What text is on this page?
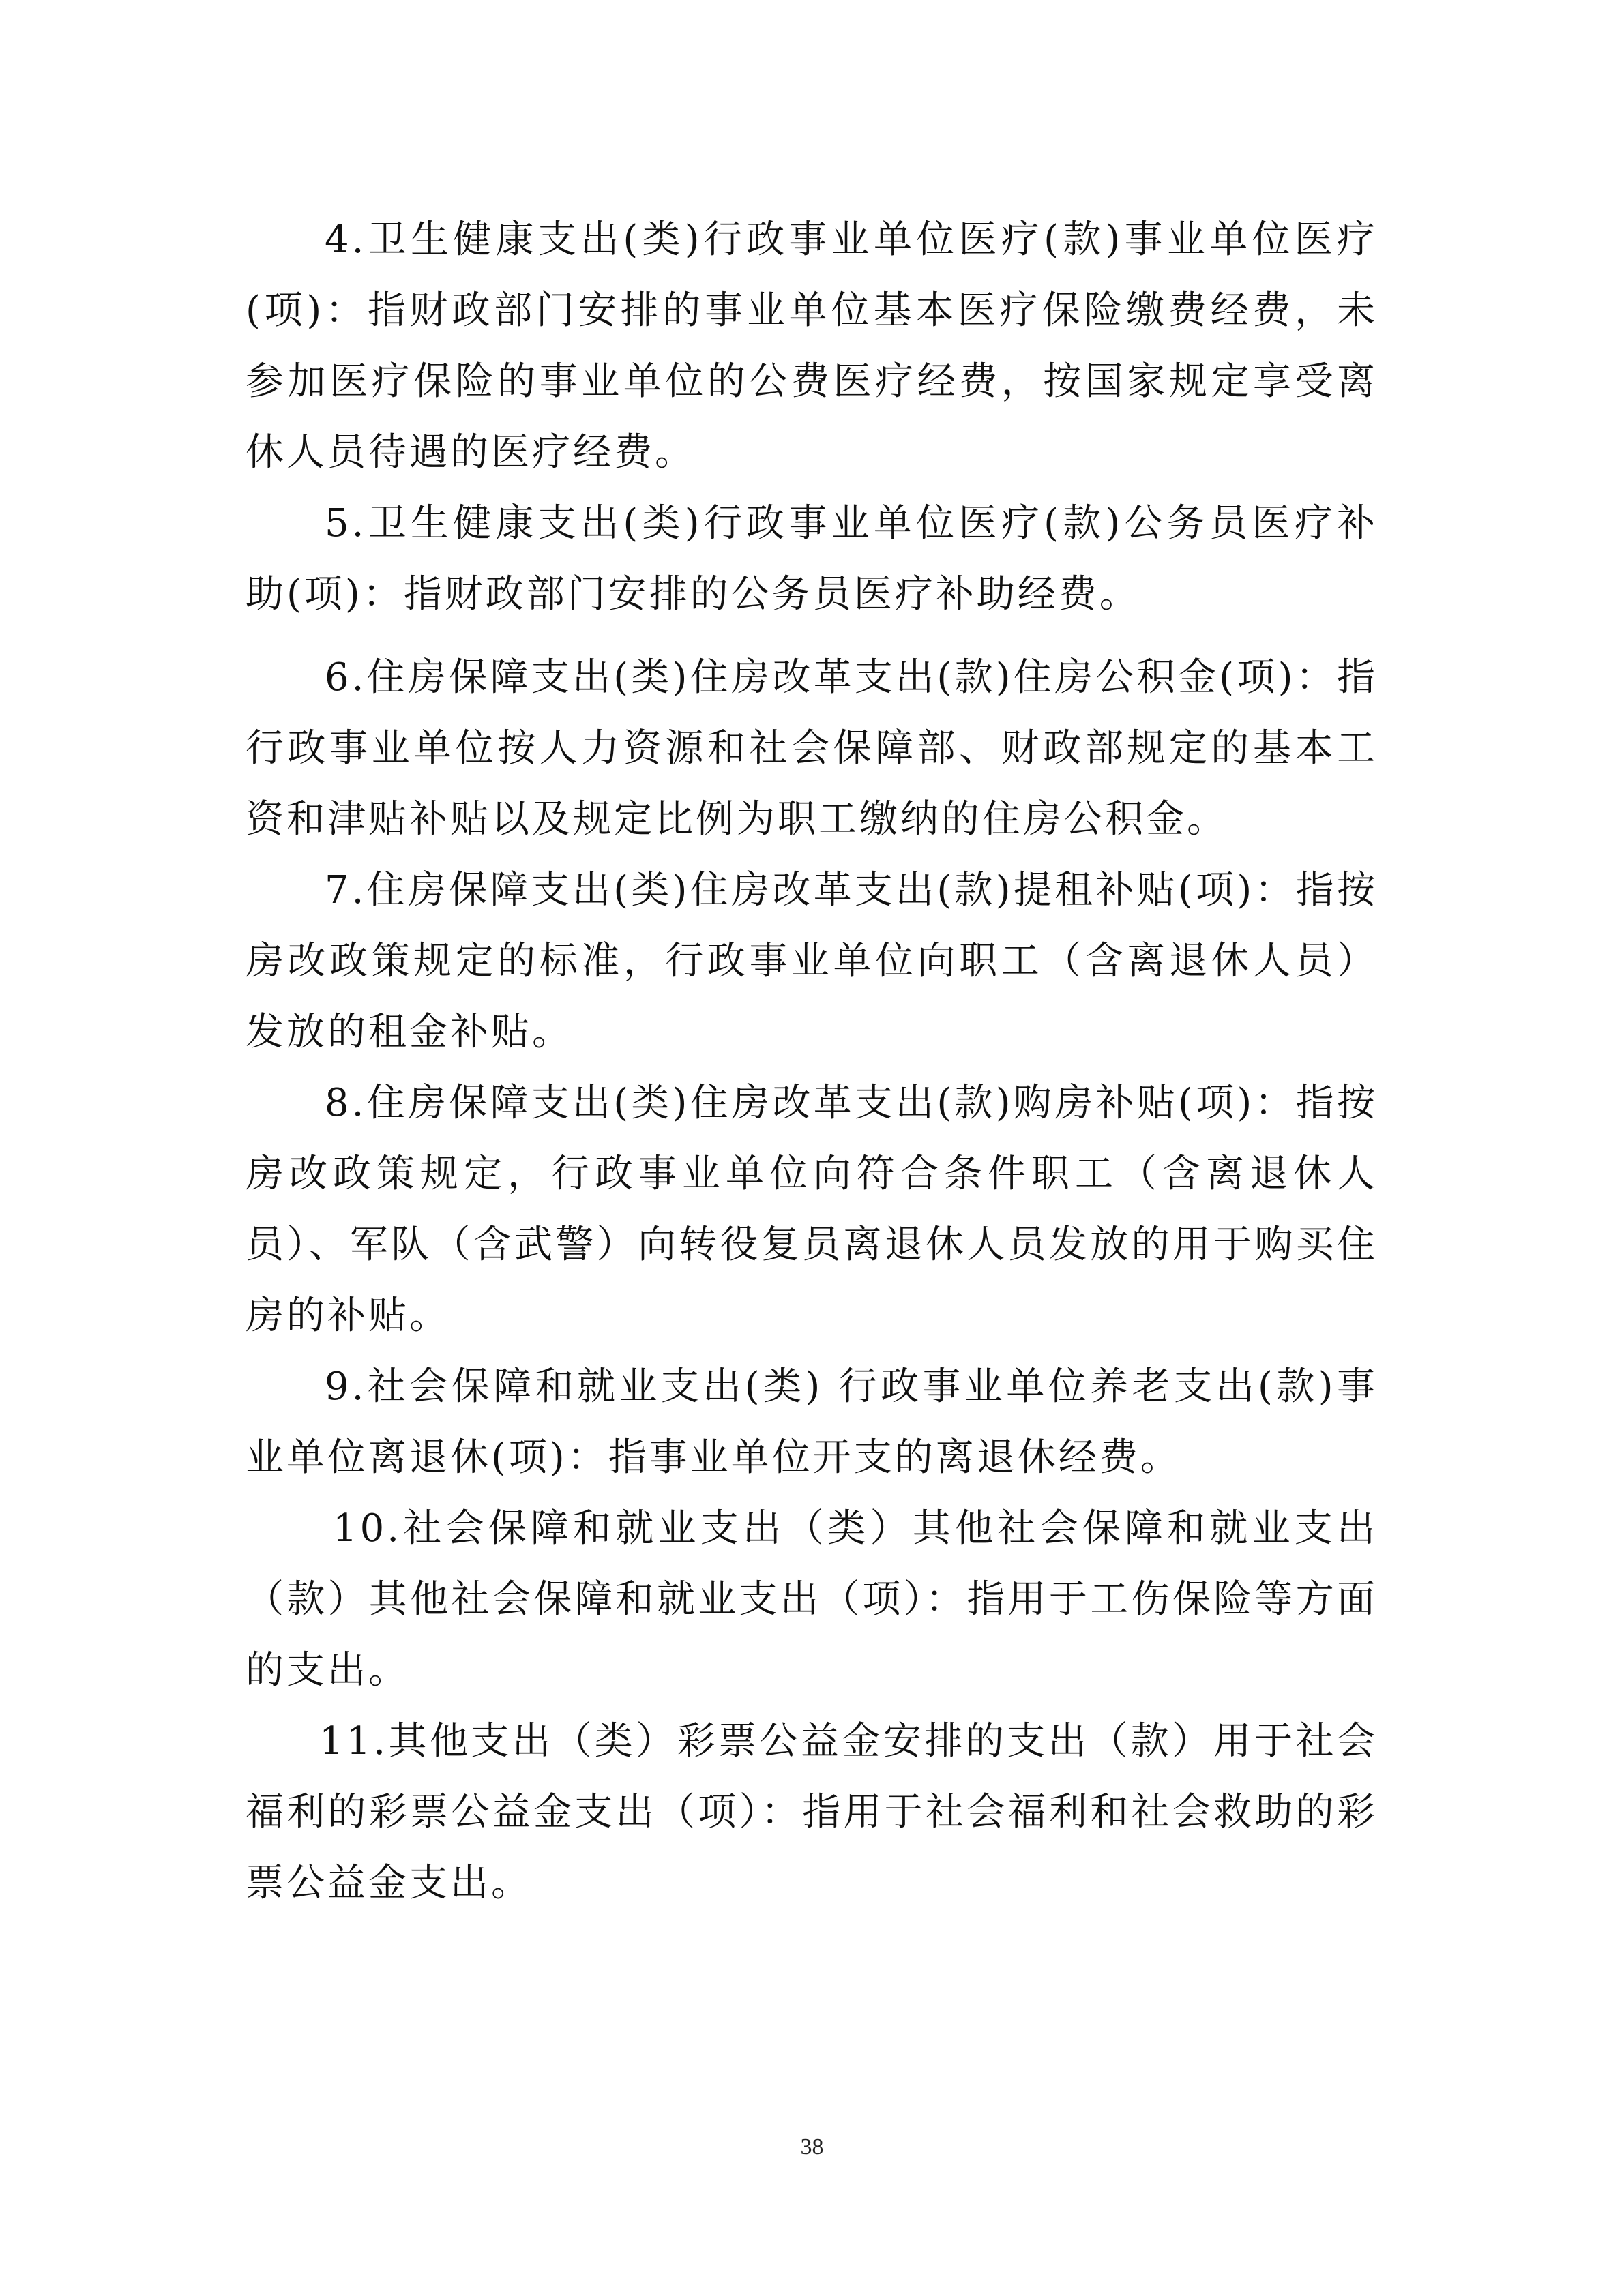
4.卫生健康支出(类)行政事业单位医疗(款)事业单位医疗(项)：指财政部门安排的事业单位基本医疗保险缴费经费，未参加医疗保险的事业单位的公费医疗经费，按国家规定享受离休人员待遇的医疗经费。

5.卫生健康支出(类)行政事业单位医疗(款)公务员医疗补助(项)：指财政部门安排的公务员医疗补助经费。

6.住房保障支出(类)住房改革支出(款)住房公积金(项)：指行政事业单位按人力资源和社会保障部、财政部规定的基本工资和津贴补贴以及规定比例为职工缴纳的住房公积金。

7.住房保障支出(类)住房改革支出(款)提租补贴(项)：指按房改政策规定的标准，行政事业单位向职工（含离退休人员）发放的租金补贴。

8.住房保障支出(类)住房改革支出(款)购房补贴(项)：指按房改政策规定，行政事业单位向符合条件职工（含离退休人员）、军队（含武警）向转役复员离退休人员发放的用于购买住房的补贴。

9.社会保障和就业支出(类) 行政事业单位养老支出(款)事业单位离退休(项)：指事业单位开支的离退休经费。

10.社会保障和就业支出（类）其他社会保障和就业支出（款）其他社会保障和就业支出（项）：指用于工伤保险等方面的支出。

11.其他支出（类）彩票公益金安排的支出（款）用于社会福利的彩票公益金支出（项）：指用于社会福利和社会救助的彩票公益金支出。

38
